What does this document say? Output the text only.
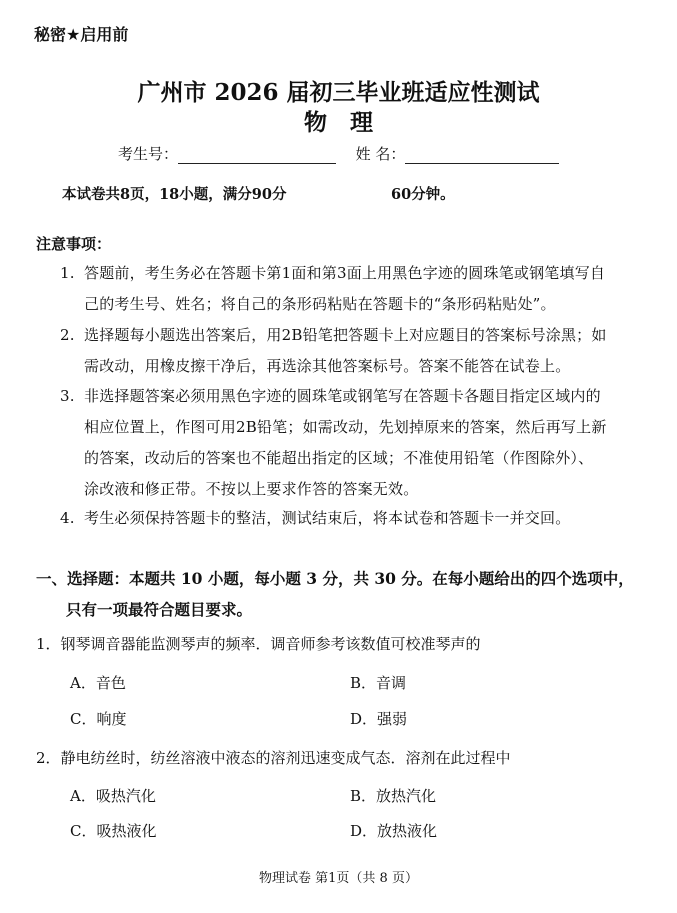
秘密★启用前
广州市 2026 届初三毕业班适应性测试
物　理
考生号：	姓 名：
本试卷共8页，18小题，满分90分	60分钟。
注意事项：
1. 答题前，考生务必在答题卡第1面和第3面上用黑色字迹的圆珠笔或钢笔填写自
己的考生号、姓名；将自己的条形码粘贴在答题卡的“条形码粘贴处”。
2. 选择题每小题选出答案后，用2B铅笔把答题卡上对应题目的答案标号涂黑；如
需改动，用橡皮擦干净后，再选涂其他答案标号。答案不能答在试卷上。
3. 非选择题答案必须用黑色字迹的圆珠笔或钢笔写在答题卡各题目指定区域内的
相应位置上，作图可用2B铅笔；如需改动，先划掉原来的答案，然后再写上新
的答案，改动后的答案也不能超出指定的区域；不准使用铅笔（作图除外）、
涂改液和修正带。不按以上要求作答的答案无效。
4. 考生必须保持答题卡的整洁，测试结束后，将本试卷和答题卡一并交回。
一、选择题：本题共 10 小题，每小题 3 分，共 30 分。在每小题给出的四个选项中，
只有一项最符合题目要求。
1．钢琴调音器能监测琴声的频率．调音师参考该数值可校准琴声的
A．音色	B．音调
C．响度	D．强弱
2．静电纺丝时，纺丝溶液中液态的溶剂迅速变成气态．溶剂在此过程中
A．吸热汽化	B．放热汽化
C．吸热液化	D．放热液化
物理试卷 第1页（共 8 页）
